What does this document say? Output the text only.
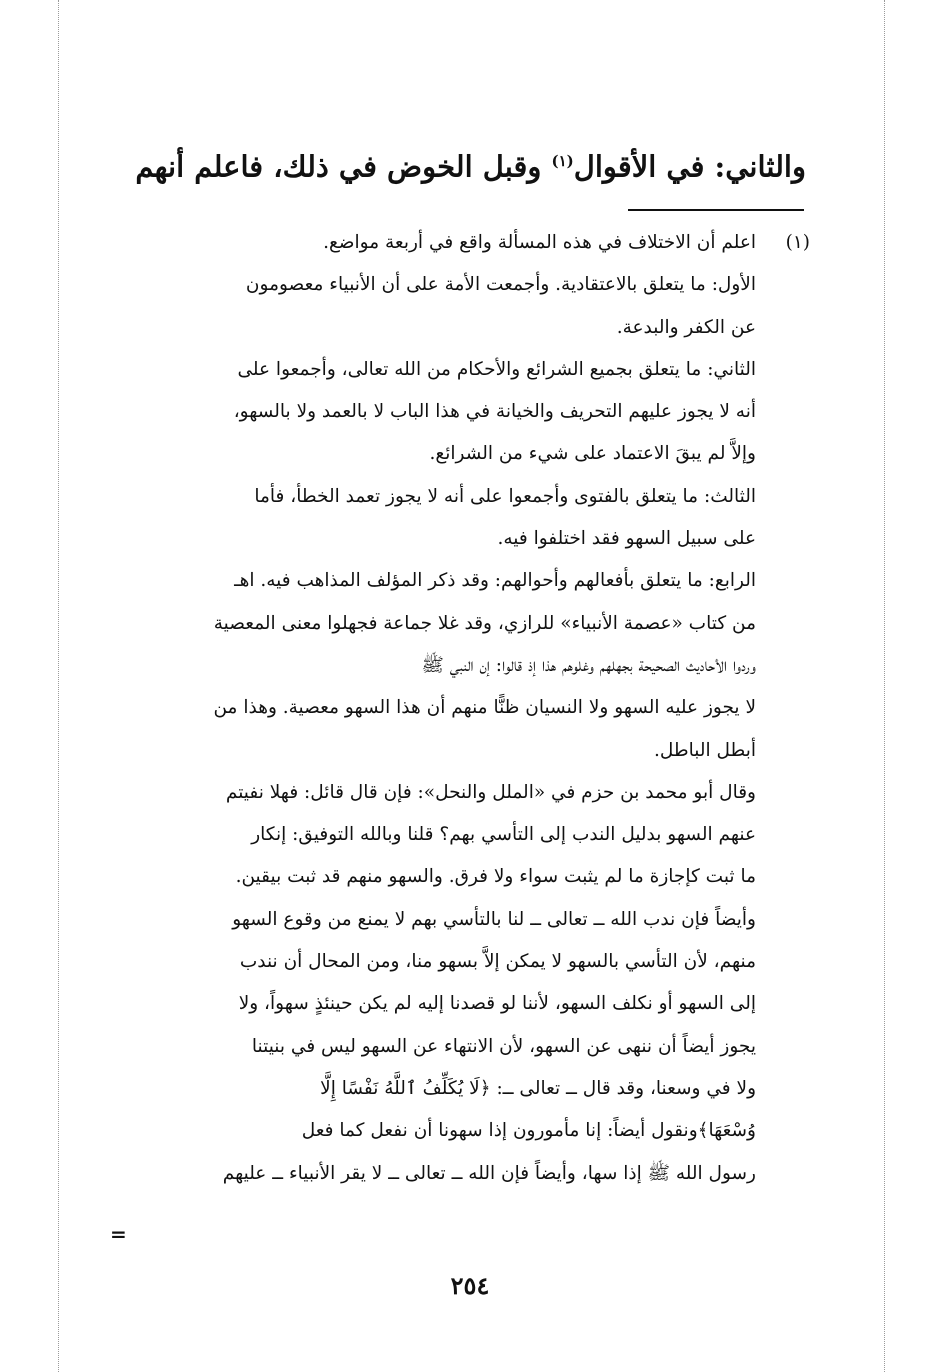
والثاني: في الأقوال$^{(١)}$ وقبل الخوض في ذلك، فاعلم أنهم
(١)اعلم أن الاختلاف في هذه المسألة واقع في أربعة مواضع.
الأول: ما يتعلق بالاعتقادية. وأجمعت الأمة على أن الأنبياء معصومون
عن الكفر والبدعة.
الثاني: ما يتعلق بجميع الشرائع والأحكام من الله تعالى، وأجمعوا على
أنه لا يجوز عليهم التحريف والخيانة في هذا الباب لا بالعمد ولا بالسهو،
وإلاَّ لم يبقَ الاعتماد على شيء من الشرائع.
الثالث: ما يتعلق بالفتوى وأجمعوا على أنه لا يجوز تعمد الخطأ، فأما
على سبيل السهو فقد اختلفوا فيه.
الرابع: ما يتعلق بأفعالهم وأحوالهم: وقد ذكر المؤلف المذاهب فيه. اهـ
من كتاب «عصمة الأنبياء» للرازي، وقد غلا جماعة فجهلوا معنى المعصية
وردوا الأحاديث الصحيحة بجهلهم وغلوهم هذا إذ قالوا: إن النبي ﷺ
لا يجوز عليه السهو ولا النسيان ظنًّا منهم أن هذا السهو معصية. وهذا من
أبطل الباطل.
وقال أبو محمد بن حزم في «الملل والنحل»: فإن قال قائل: فهلا نفيتم
عنهم السهو بدليل الندب إلى التأسي بهم؟ قلنا وبالله التوفيق: إنكار
ما ثبت كإجازة ما لم يثبت سواء ولا فرق. والسهو منهم قد ثبت بيقين.
وأيضاً فإن ندب الله ــ تعالى ــ لنا بالتأسي بهم لا يمنع من وقوع السهو
منهم، لأن التأسي بالسهو لا يمكن إلاَّ بسهو منا، ومن المحال أن نندب
إلى السهو أو نكلف السهو، لأننا لو قصدنا إليه لم يكن حينئذٍ سهواً، ولا
يجوز أيضاً أن ننهى عن السهو، لأن الانتهاء عن السهو ليس في بنيتنا
ولا في وسعنا، وقد قال ــ تعالى ــ: ﴿لَا يُكَلِّفُ ٱللَّهُ نَفْسًا إِلَّا
وُسْعَهَا﴾ونقول أيضاً: إنا مأمورون إذا سهونا أن نفعل كما فعل
رسول الله ﷺ إذا سها، وأيضاً فإن الله ــ تعالى ــ لا يقر الأنبياء ــ عليهم
=
٢٥٤
